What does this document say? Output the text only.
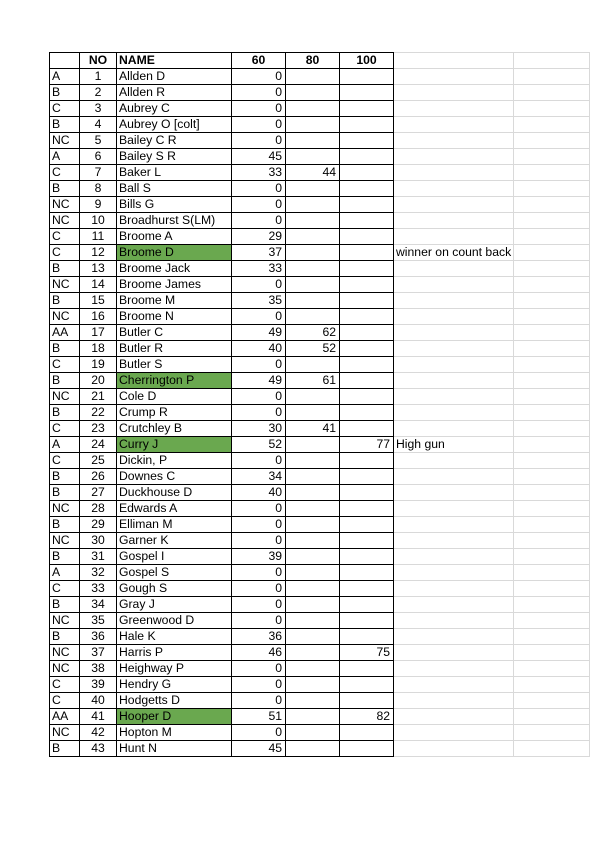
	NO	NAME	60	80	100		
A	1	Allden D	0				
B	2	Allden R	0				
C	3	Aubrey C	0				
B	4	Aubrey O [colt]	0				
NC	5	Bailey C R	0				
A	6	Bailey S R	45				
C	7	Baker L	33	44			
B	8	Ball S	0				
NC	9	Bills G	0				
NC	10	Broadhurst S(LM)	0				
C	11	Broome A	29				
C	12	Broome D	37			winner on count back	
B	13	Broome Jack	33				
NC	14	Broome James	0				
B	15	Broome M	35				
NC	16	Broome N	0				
AA	17	Butler C	49	62			
B	18	Butler R	40	52			
C	19	Butler S	0				
B	20	Cherrington P	49	61			
NC	21	Cole D	0				
B	22	Crump R	0				
C	23	Crutchley B	30	41			
A	24	Curry J	52		77	High gun	
C	25	Dickin, P	0				
B	26	Downes C	34				
B	27	Duckhouse D	40				
NC	28	Edwards A	0				
B	29	Elliman M	0				
NC	30	Garner K	0				
B	31	Gospel I	39				
A	32	Gospel S	0				
C	33	Gough S	0				
B	34	Gray J	0				
NC	35	Greenwood D	0				
B	36	Hale K	36				
NC	37	Harris P	46		75		
NC	38	Heighway P	0				
C	39	Hendry G	0				
C	40	Hodgetts D	0				
AA	41	Hooper D	51		82		
NC	42	Hopton M	0				
B	43	Hunt N	45				
